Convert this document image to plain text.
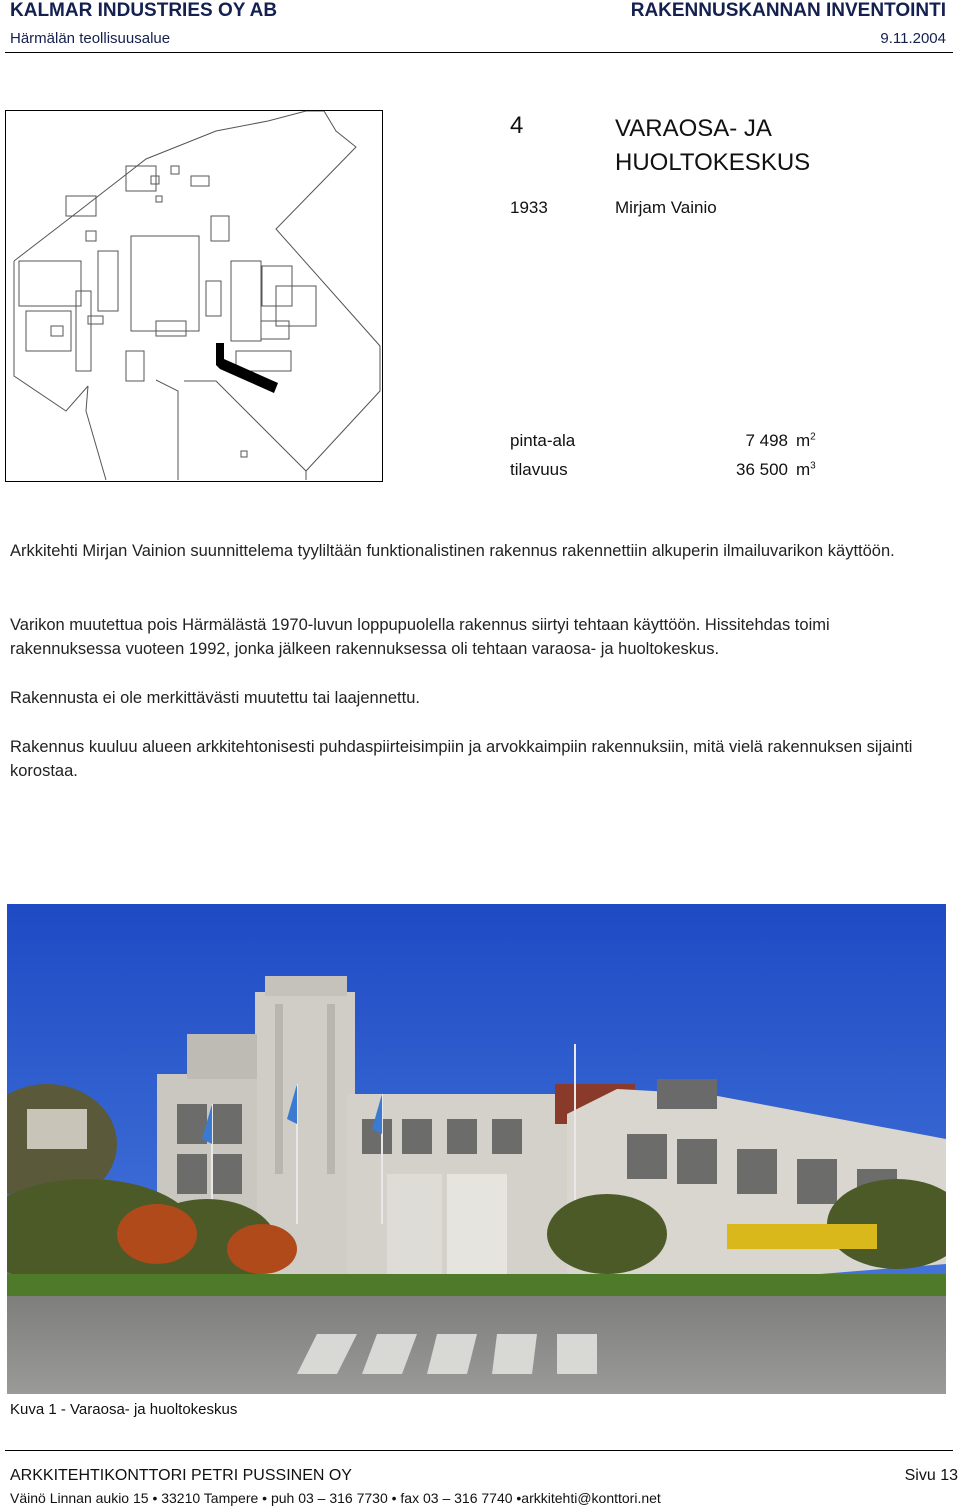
KALMAR INDUSTRIES OY AB	RAKENNUSKANNAN INVENTOINTI
Härmälän teollisuusalue	9.11.2004
4	VARAOSA- JA
HUOLTOKESKUS
1933	Mirjam Vainio
pinta-ala	7 498 $m^2$
tilavuus	36 500 $m^3$
Arkkitehti Mirjan Vainion suunnittelema tyyliltään funktionalistinen rakennus rakennettiin alkuperin ilmailuvarikon käyttöön.
Varikon muutettua pois Härmälästä 1970-luvun loppupuolella rakennus siirtyi tehtaan käyttöön. Hissitehdas toimi rakennuksessa vuoteen 1992, jonka jälkeen rakennuksessa oli tehtaan varaosa- ja huoltokeskus.
Rakennusta ei ole merkittävästi muutettu tai laajennettu.
Rakennus kuuluu alueen arkkitehtonisesti puhdaspiirteisimpiin ja arvokkaimpiin rakennuksiin, mitä vielä rakennuksen sijainti korostaa.
Kuva 1 - Varaosa- ja huoltokeskus
ARKKITEHTIKONTTORI PETRI PUSSINEN OY	Sivu 13
Väinö Linnan aukio 15 • 33210 Tampere • puh 03 – 316 7730 • fax 03 – 316 7740 •arkkitehti@konttori.net
